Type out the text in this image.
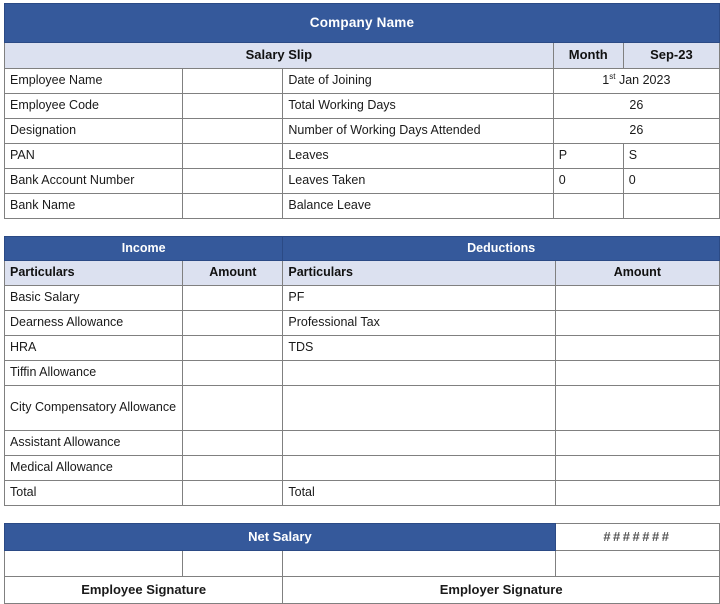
Company Name				
Salary Slip			Month	Sep-23
Employee Name		Date of Joining	1st Jan 2023	
Employee Code		Total Working Days	26	
Designation		Number of Working Days Attended	26	
PAN		Leaves	P	S
Bank Account Number		Leaves Taken	0	0
Bank Name		Balance Leave		
Income		Deductions	
Particulars	Amount	Particulars	Amount
Basic Salary		PF	
Dearness Allowance		Professional Tax	
HRA		TDS	
Tiffin Allowance			
City Compensatory Allowance			
Assistant Allowance			
Medical Allowance			
Total		Total	
Net Salary			#######

Employee Signature		Employer Signature	
